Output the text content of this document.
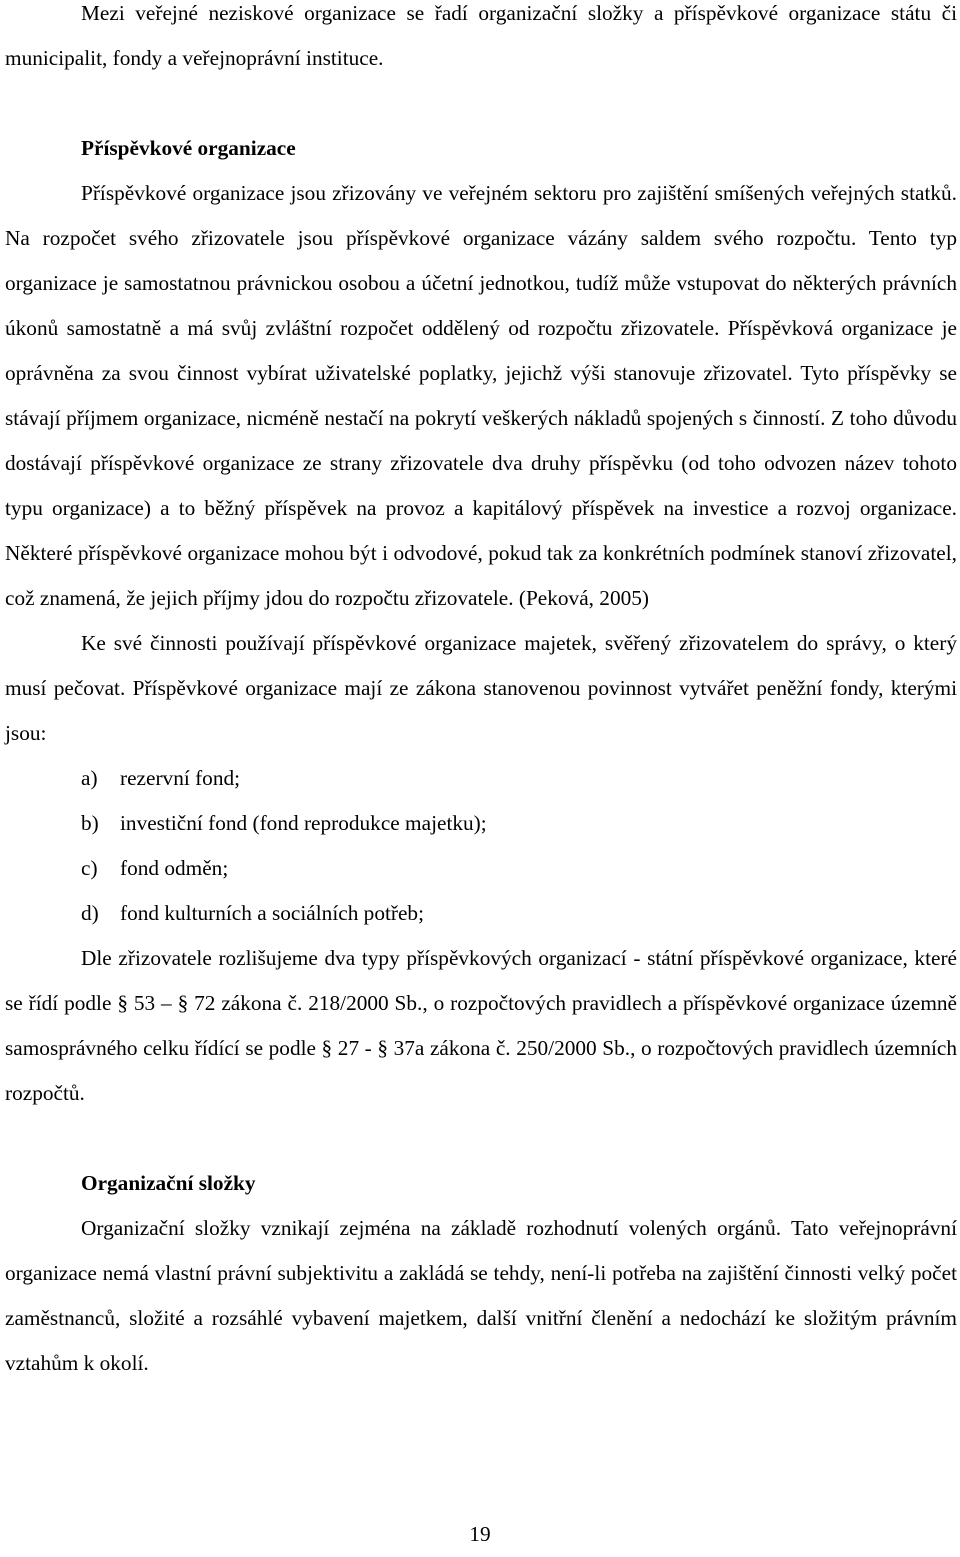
Mezi veřejné neziskové organizace se řadí organizační složky a příspěvkové organizace státu či municipalit, fondy a veřejnoprávní instituce.

Příspěvkové organizace

Příspěvkové organizace jsou zřizovány ve veřejném sektoru pro zajištění smíšených veřejných statků. Na rozpočet svého zřizovatele jsou příspěvkové organizace vázány saldem svého rozpočtu. Tento typ organizace je samostatnou právnickou osobou a účetní jednotkou, tudíž může vstupovat do některých právních úkonů samostatně a má svůj zvláštní rozpočet oddělený od rozpočtu zřizovatele. Příspěvková organizace je oprávněna za svou činnost vybírat uživatelské poplatky, jejichž výši stanovuje zřizovatel. Tyto příspěvky se stávají příjmem organizace, nicméně nestačí na pokrytí veškerých nákladů spojených s činností. Z toho důvodu dostávají příspěvkové organizace ze strany zřizovatele dva druhy příspěvku (od toho odvozen název tohoto typu organizace) a to běžný příspěvek na provoz a kapitálový příspěvek na investice a rozvoj organizace. Některé příspěvkové organizace mohou být i odvodové, pokud tak za konkrétních podmínek stanoví zřizovatel, což znamená, že jejich příjmy jdou do rozpočtu zřizovatele. (Peková, 2005)

Ke své činnosti používají příspěvkové organizace majetek, svěřený zřizovatelem do správy, o který musí pečovat. Příspěvkové organizace mají ze zákona stanovenou povinnost vytvářet peněžní fondy, kterými jsou:

a) rezervní fond;
b) investiční fond (fond reprodukce majetku);
c) fond odměn;
d) fond kulturních a sociálních potřeb;

Dle zřizovatele rozlišujeme dva typy příspěvkových organizací - státní příspěvkové organizace, které se řídí podle § 53 – § 72 zákona č. 218/2000 Sb., o rozpočtových pravidlech a příspěvkové organizace územně samosprávného celku řídící se podle § 27 - § 37a zákona č. 250/2000 Sb., o rozpočtových pravidlech územních rozpočtů.

Organizační složky

Organizační složky vznikají zejména na základě rozhodnutí volených orgánů. Tato veřejnoprávní organizace nemá vlastní právní subjektivitu a zakládá se tehdy, není-li potřeba na zajištění činnosti velký počet zaměstnanců, složité a rozsáhlé vybavení majetkem, další vnitřní členění a nedochází ke složitým právním vztahům k okolí.

19
